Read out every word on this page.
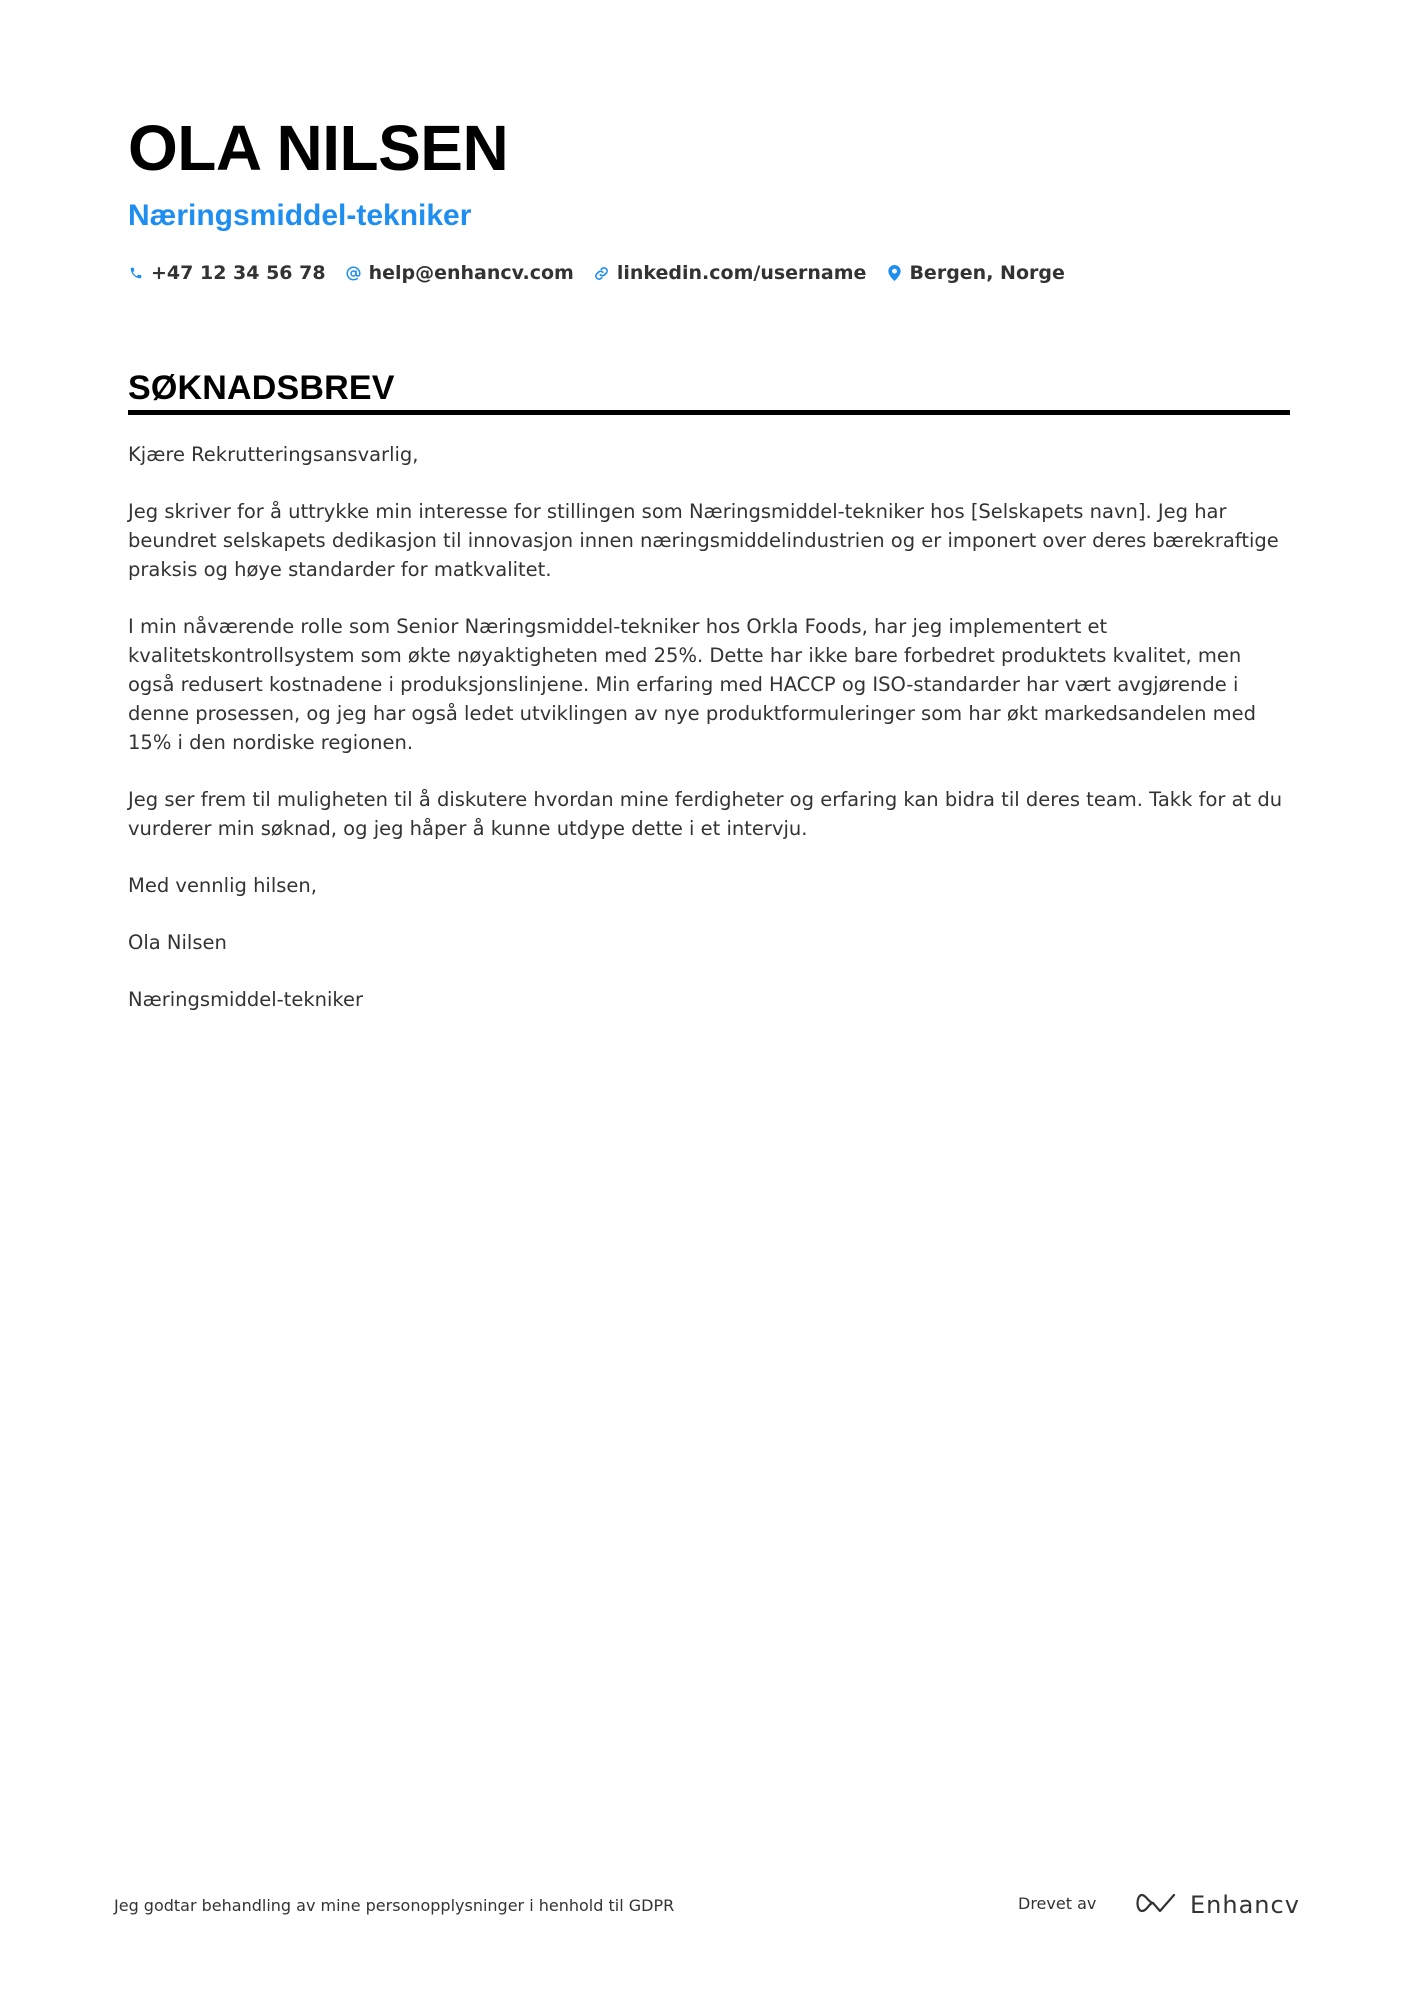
OLA NILSEN
Næringsmiddel-tekniker
+47 12 34 56 78 help@enhancv.com linkedin.com/username Bergen, Norge
SØKNADSBREV

Kjære Rekrutteringsansvarlig,

Jeg skriver for å uttrykke min interesse for stillingen som Næringsmiddel-tekniker hos [Selskapets navn]. Jeg har beundret selskapets dedikasjon til innovasjon innen næringsmiddelindustrien og er imponert over deres bærekraftige praksis og høye standarder for matkvalitet.

I min nåværende rolle som Senior Næringsmiddel-tekniker hos Orkla Foods, har jeg implementert et kvalitetskontrollsystem som økte nøyaktigheten med 25%. Dette har ikke bare forbedret produktets kvalitet, men også redusert kostnadene i produksjonslinjene. Min erfaring med HACCP og ISO-standarder har vært avgjørende i denne prosessen, og jeg har også ledet utviklingen av nye produktformuleringer som har økt markedsandelen med 15% i den nordiske regionen.

Jeg ser frem til muligheten til å diskutere hvordan mine ferdigheter og erfaring kan bidra til deres team. Takk for at du vurderer min søknad, og jeg håper å kunne utdype dette i et intervju.

Med vennlig hilsen,

Ola Nilsen

Næringsmiddel-tekniker

Jeg godtar behandling av mine personopplysninger i henhold til GDPR	Drevet av	Enhancv
